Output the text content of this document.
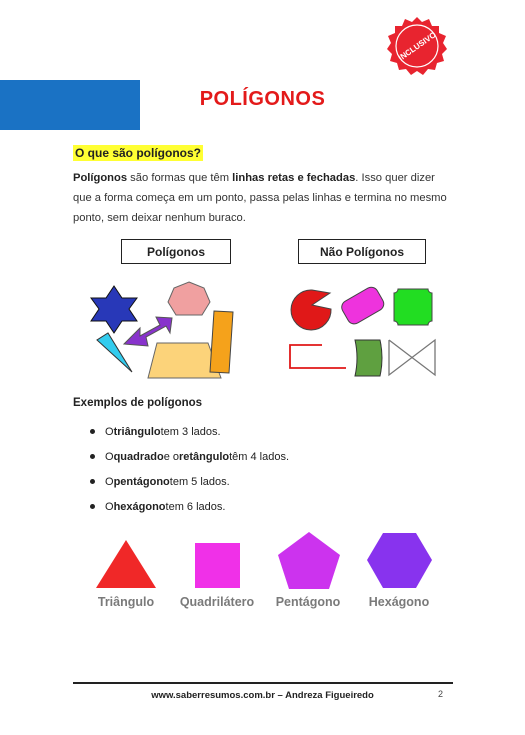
INCLUSIVO
POLÍGONOS
O que são polígonos?
Polígonos são formas que têm linhas retas e fechadas. Isso quer dizer que a forma começa em um ponto, passa pelas linhas e termina no mesmo ponto, sem deixar nenhum buraco.
Polígonos	Não Polígonos
Exemplos de polígonos
O triângulo tem 3 lados.
O quadrado e o retângulo têm 4 lados.
O pentágono tem 5 lados.
O hexágono tem 6 lados.
Triângulo	Quadrilátero	Pentágono	Hexágono
www.saberresumos.com.br – Andreza Figueiredo	2
